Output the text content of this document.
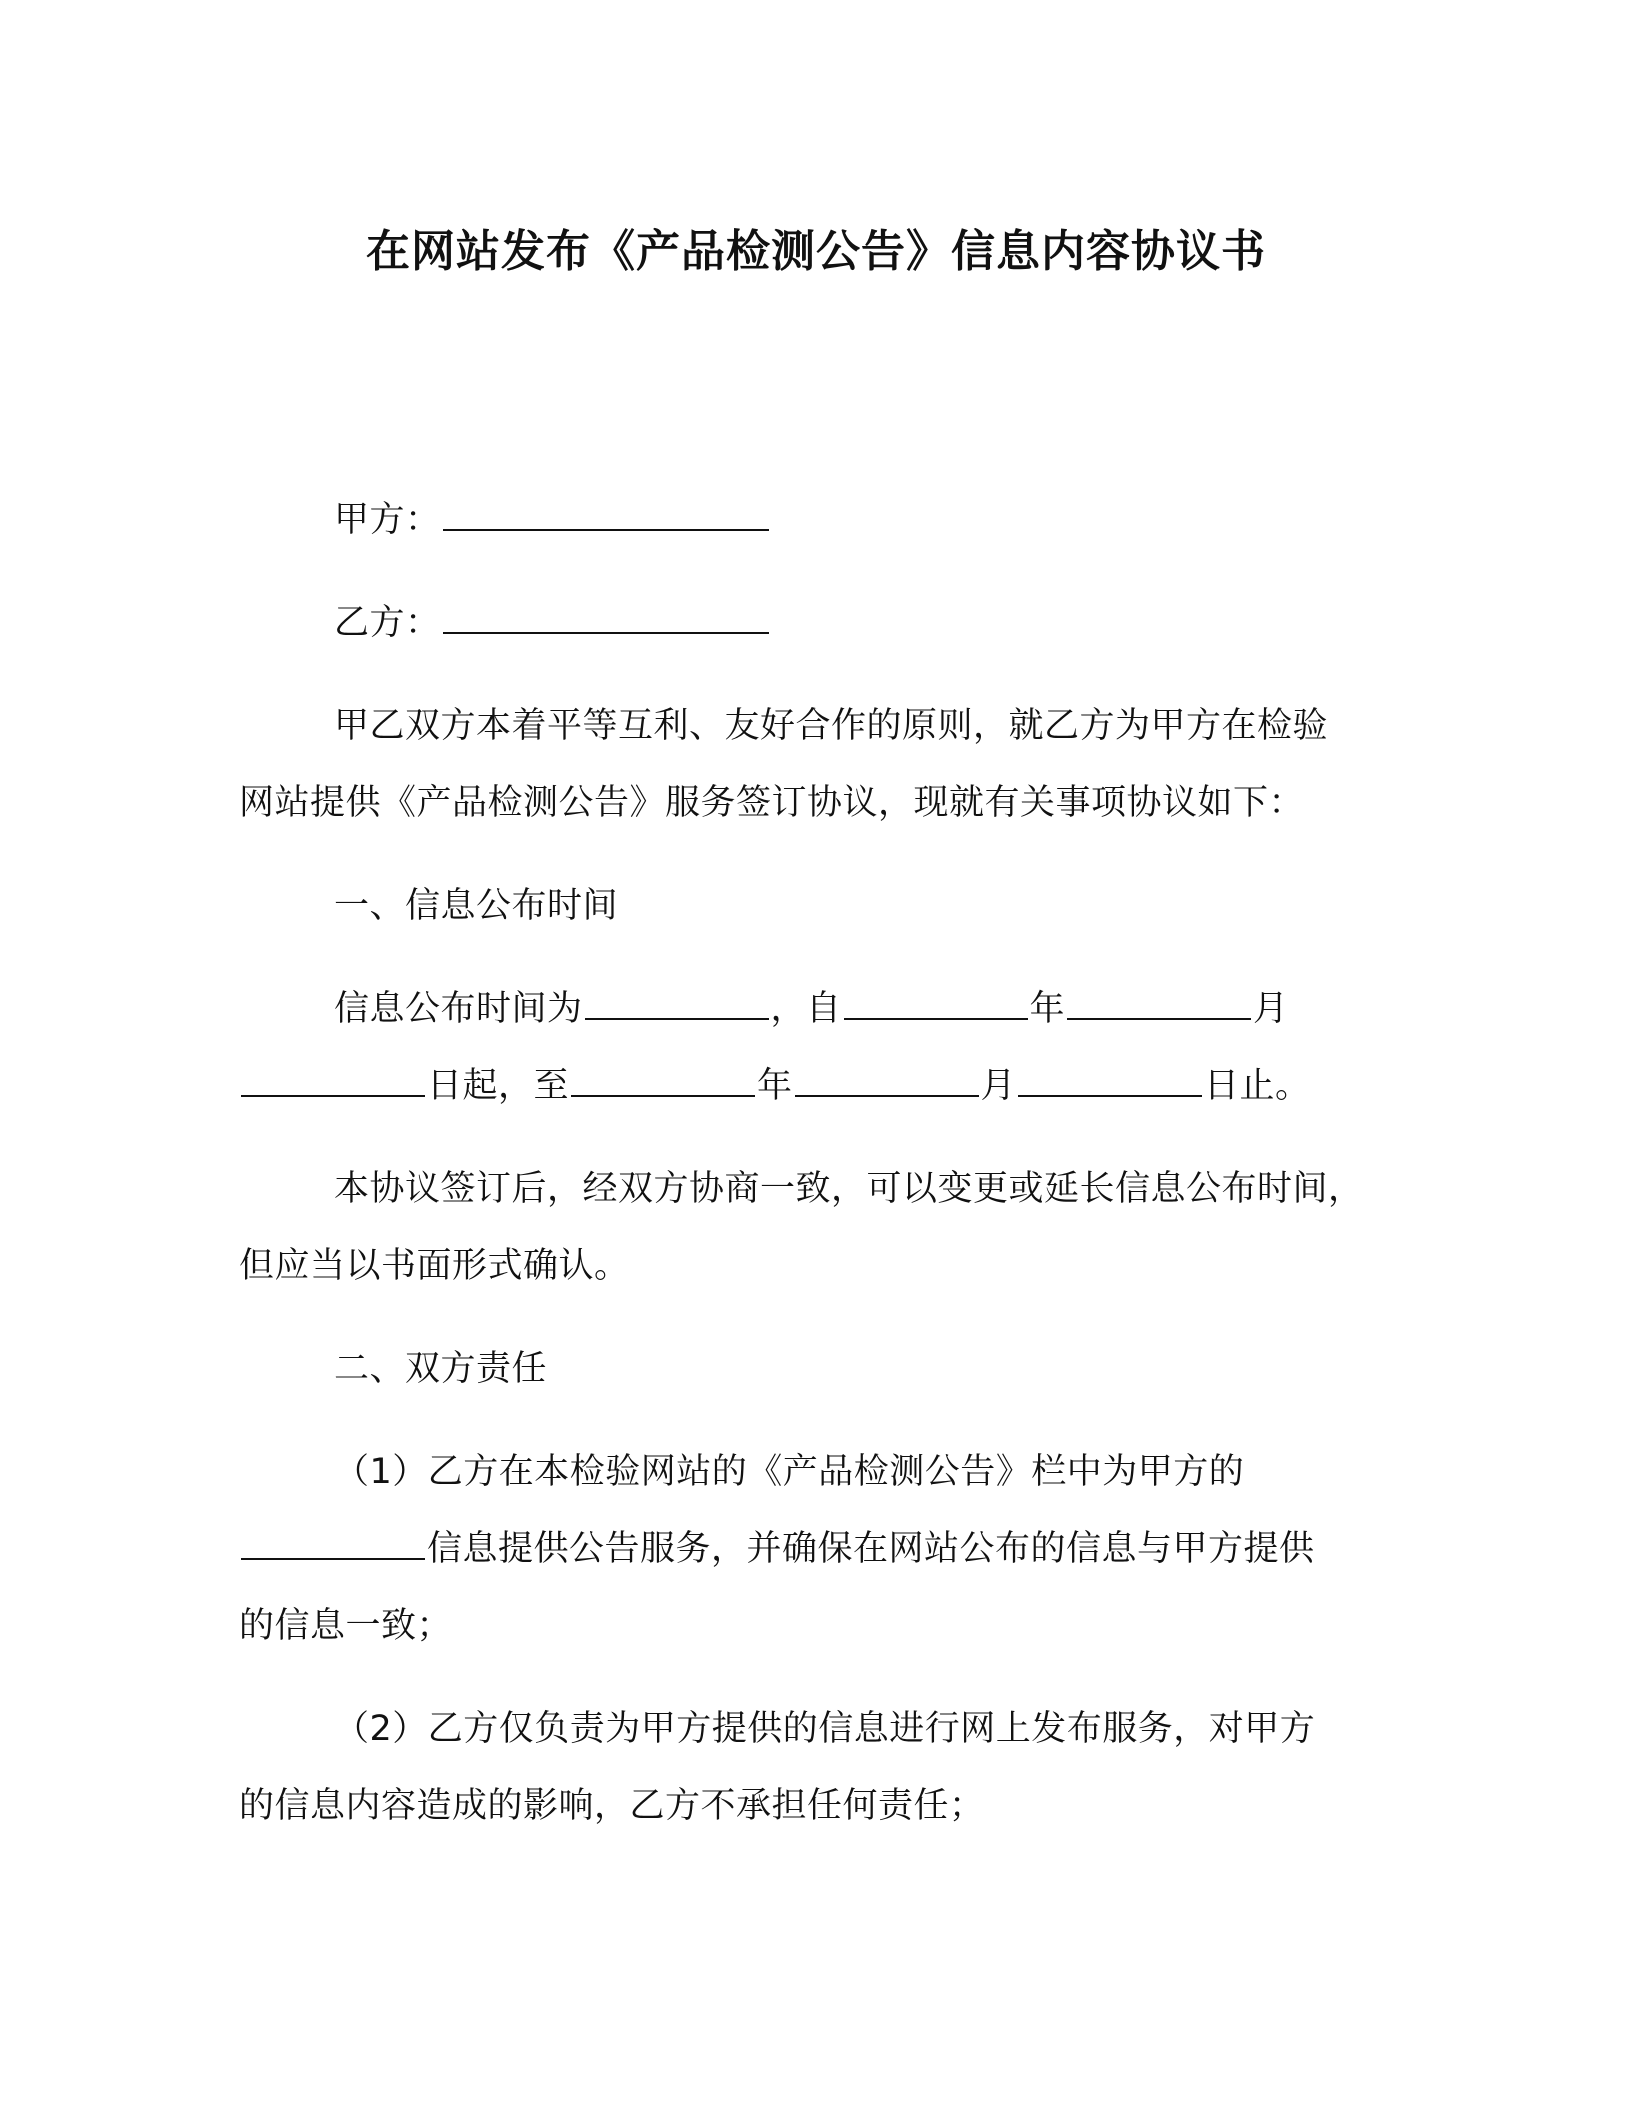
在网站发布《产品检测公告》信息内容协议书
甲方：
乙方：
甲乙双方本着平等互利、友好合作的原则，就乙方为甲方在检验
网站提供《产品检测公告》服务签订协议，现就有关事项协议如下：
一、信息公布时间
信息公布时间为	，自	年	月
日起，至	年	月	日止。
本协议签订后，经双方协商一致，可以变更或延长信息公布时间，
但应当以书面形式确认。
二、双方责任
（1）乙方在本检验网站的《产品检测公告》栏中为甲方的
信息提供公告服务，并确保在网站公布的信息与甲方提供
的信息一致；
（2）乙方仅负责为甲方提供的信息进行网上发布服务，对甲方
的信息内容造成的影响，乙方不承担任何责任；
